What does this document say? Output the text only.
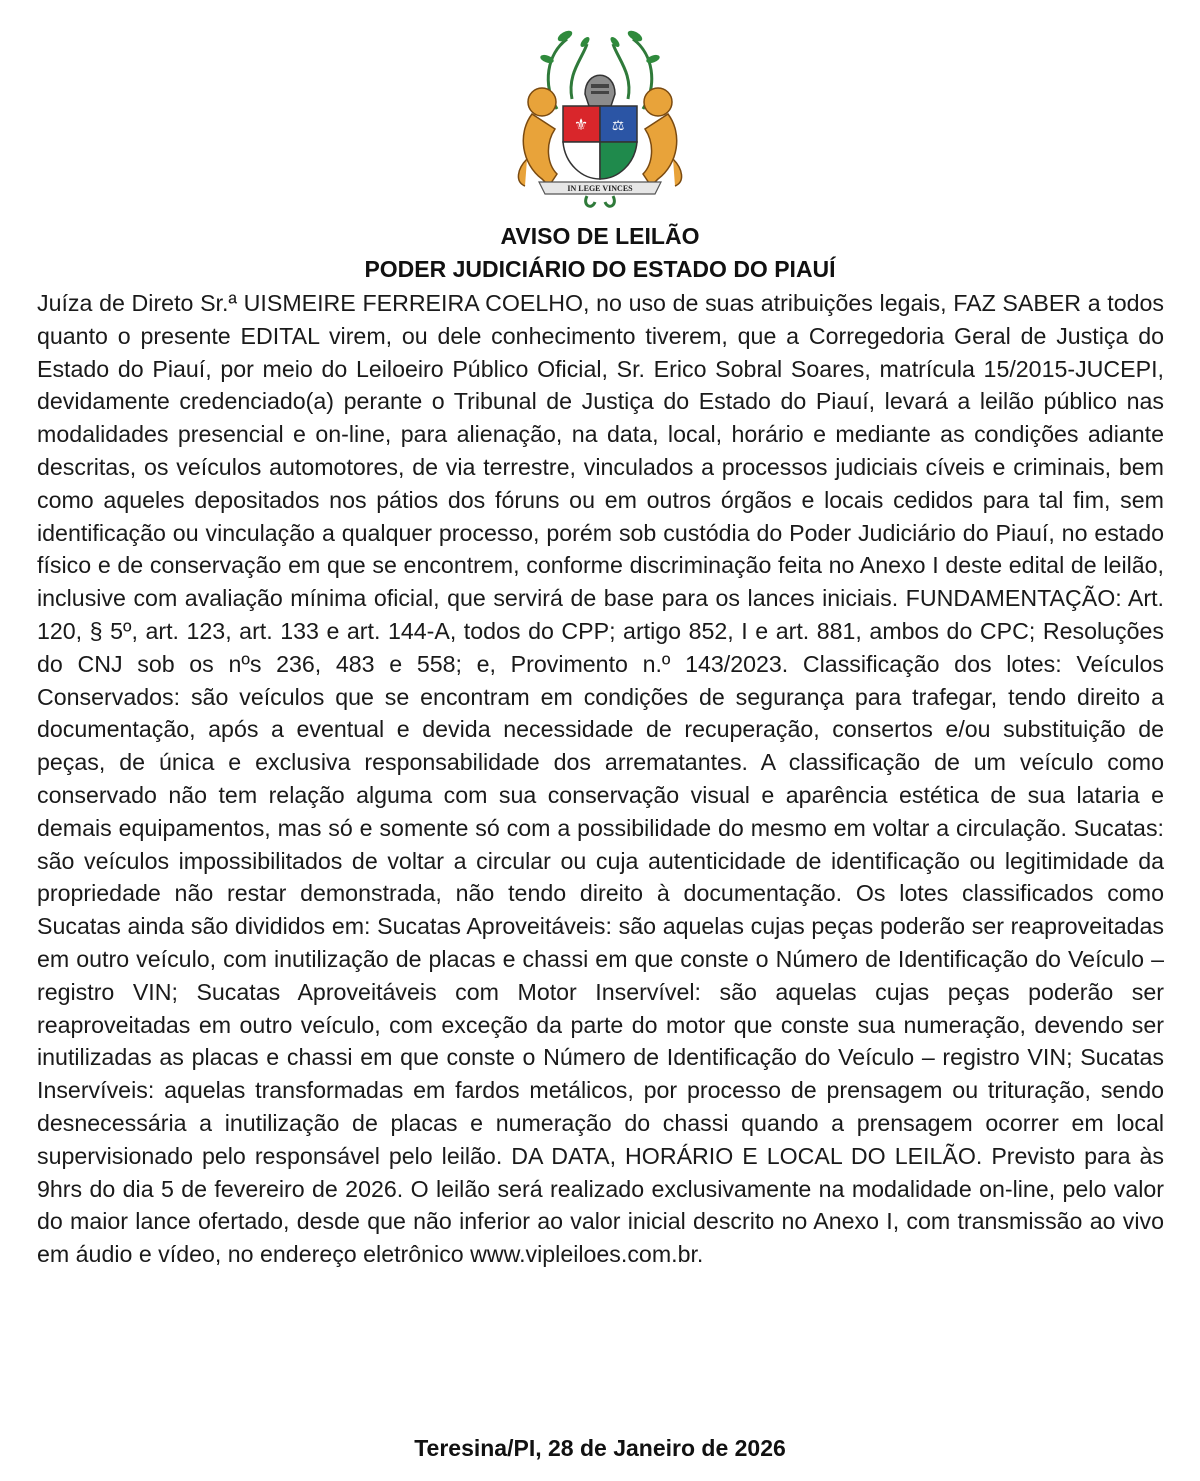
⚜ ⚖
IN LEGE VINCES
AVISO DE LEILÃO
PODER JUDICIÁRIO DO ESTADO DO PIAUÍ

Juíza de Direto Sr.ª UISMEIRE FERREIRA COELHO, no uso de suas atribuições legais, FAZ SABER a todos quanto o presente EDITAL virem, ou dele conhecimento tiverem, que a Corregedoria Geral de Justiça do Estado do Piauí, por meio do Leiloeiro Público Oficial, Sr. Erico Sobral Soares, matrícula 15/2015-JUCEPI, devidamente credenciado(a) perante o Tribunal de Justiça do Estado do Piauí, levará a leilão público nas modalidades presencial e on-line, para alienação, na data, local, horário e mediante as condições adiante descritas, os veículos automotores, de via terrestre, vinculados a processos judiciais cíveis e criminais, bem como aqueles depositados nos pátios dos fóruns ou em outros órgãos e locais cedidos para tal fim, sem identificação ou vinculação a qualquer processo, porém sob custódia do Poder Judiciário do Piauí, no estado físico e de conservação em que se encontrem, conforme discriminação feita no Anexo I deste edital de leilão, inclusive com avaliação mínima oficial, que servirá de base para os lances iniciais. FUNDAMENTAÇÃO: Art. 120, § 5º, art. 123, art. 133 e art. 144-A, todos do CPP; artigo 852, I e art. 881, ambos do CPC; Resoluções do CNJ sob os nºs 236, 483 e 558; e, Provimento n.º 143/2023. Classificação dos lotes: Veículos Conservados: são veículos que se encontram em condições de segurança para trafegar, tendo direito a documentação, após a eventual e devida necessidade de recuperação, consertos e/ou substituição de peças, de única e exclusiva responsabilidade dos arrematantes. A classificação de um veículo como conservado não tem relação alguma com sua conservação visual e aparência estética de sua lataria e demais equipamentos, mas só e somente só com a possibilidade do mesmo em voltar a circulação. Sucatas: são veículos impossibilitados de voltar a circular ou cuja autenticidade de identificação ou legitimidade da propriedade não restar demonstrada, não tendo direito à documentação. Os lotes classificados como Sucatas ainda são divididos em: Sucatas Aproveitáveis: são aquelas cujas peças poderão ser reaproveitadas em outro veículo, com inutilização de placas e chassi em que conste o Número de Identificação do Veículo – registro VIN; Sucatas Aproveitáveis com Motor Inservível: são aquelas cujas peças poderão ser reaproveitadas em outro veículo, com exceção da parte do motor que conste sua numeração, devendo ser inutilizadas as placas e chassi em que conste o Número de Identificação do Veículo – registro VIN; Sucatas Inservíveis: aquelas transformadas em fardos metálicos, por processo de prensagem ou trituração, sendo desnecessária a inutilização de placas e numeração do chassi quando a prensagem ocorrer em local supervisionado pelo responsável pelo leilão. DA DATA, HORÁRIO E LOCAL DO LEILÃO. Previsto para às 9hrs do dia 5 de fevereiro de 2026. O leilão será realizado exclusivamente na modalidade on-line, pelo valor do maior lance ofertado, desde que não inferior ao valor inicial descrito no Anexo I, com transmissão ao vivo em áudio e vídeo, no endereço eletrônico www.vipleiloes.com.br.

Teresina/PI, 28 de Janeiro de 2026
